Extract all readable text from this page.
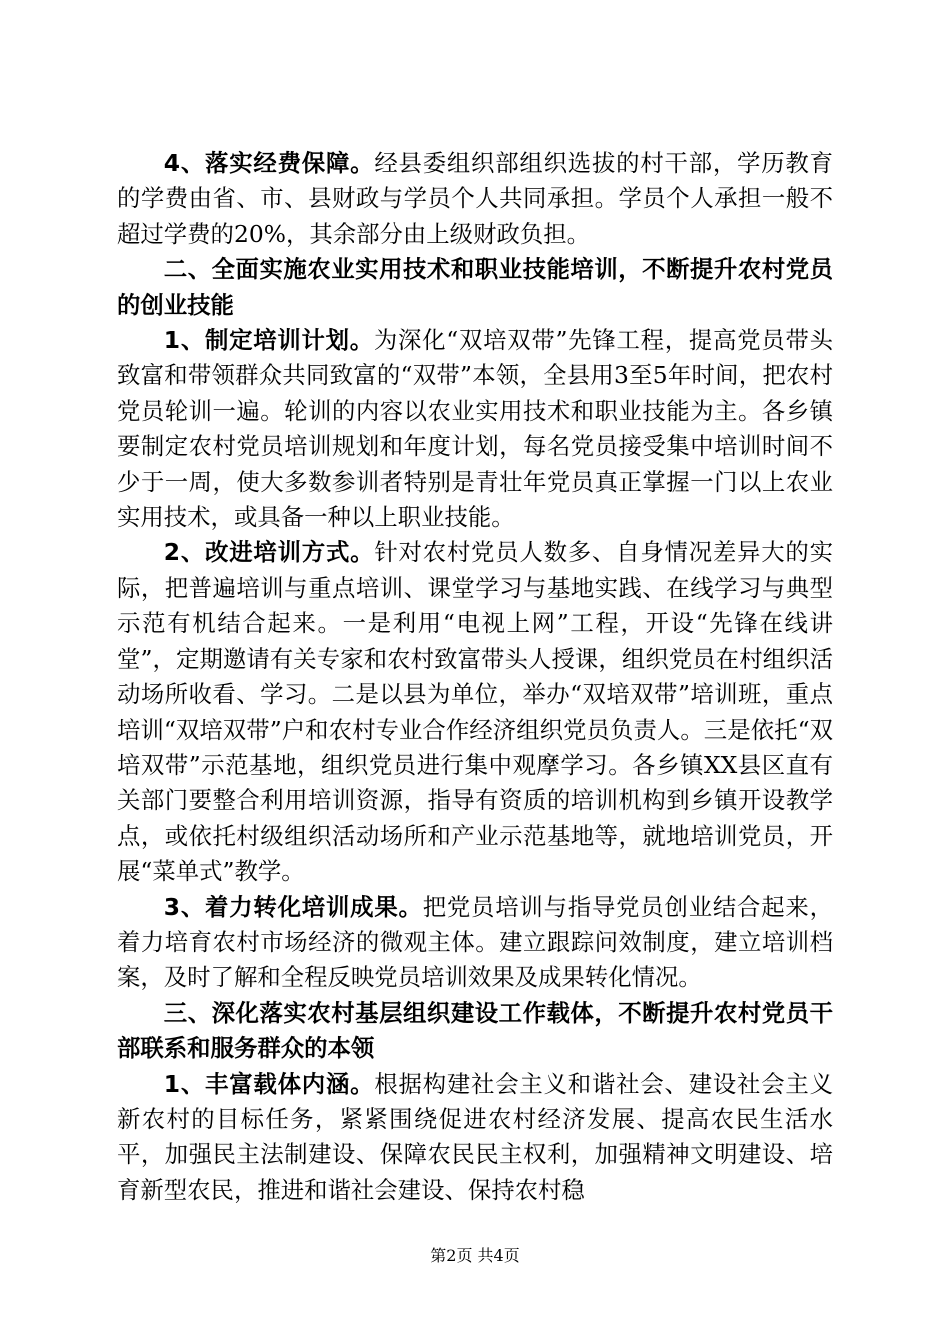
4、落实经费保障。经县委组织部组织选拔的村干部，学历教育的学费由省、市、县财政与学员个人共同承担。学员个人承担一般不超过学费的20%，其余部分由上级财政负担。

二、全面实施农业实用技术和职业技能培训，不断提升农村党员的创业技能

1、制定培训计划。为深化“双培双带”先锋工程，提高党员带头致富和带领群众共同致富的“双带”本领，全县用3至5年时间，把农村党员轮训一遍。轮训的内容以农业实用技术和职业技能为主。各乡镇要制定农村党员培训规划和年度计划，每名党员接受集中培训时间不少于一周，使大多数参训者特别是青壮年党员真正掌握一门以上农业实用技术，或具备一种以上职业技能。

2、改进培训方式。针对农村党员人数多、自身情况差异大的实际，把普遍培训与重点培训、课堂学习与基地实践、在线学习与典型示范有机结合起来。一是利用“电视上网”工程，开设“先锋在线讲堂”，定期邀请有关专家和农村致富带头人授课，组织党员在村组织活动场所收看、学习。二是以县为单位，举办“双培双带”培训班，重点培训“双培双带”户和农村专业合作经济组织党员负责人。三是依托“双培双带”示范基地，组织党员进行集中观摩学习。各乡镇XX县区直有关部门要整合利用培训资源，指导有资质的培训机构到乡镇开设教学点，或依托村级组织活动场所和产业示范基地等，就地培训党员，开展“菜单式”教学。

3、着力转化培训成果。把党员培训与指导党员创业结合起来，着力培育农村市场经济的微观主体。建立跟踪问效制度，建立培训档案，及时了解和全程反映党员培训效果及成果转化情况。

三、深化落实农村基层组织建设工作载体，不断提升农村党员干部联系和服务群众的本领

1、丰富载体内涵。根据构建社会主义和谐社会、建设社会主义新农村的目标任务，紧紧围绕促进农村经济发展、提高农民生活水平，加强民主法制建设、保障农民民主权利，加强精神文明建设、培育新型农民，推进和谐社会建设、保持农村稳

第2页 共4页
